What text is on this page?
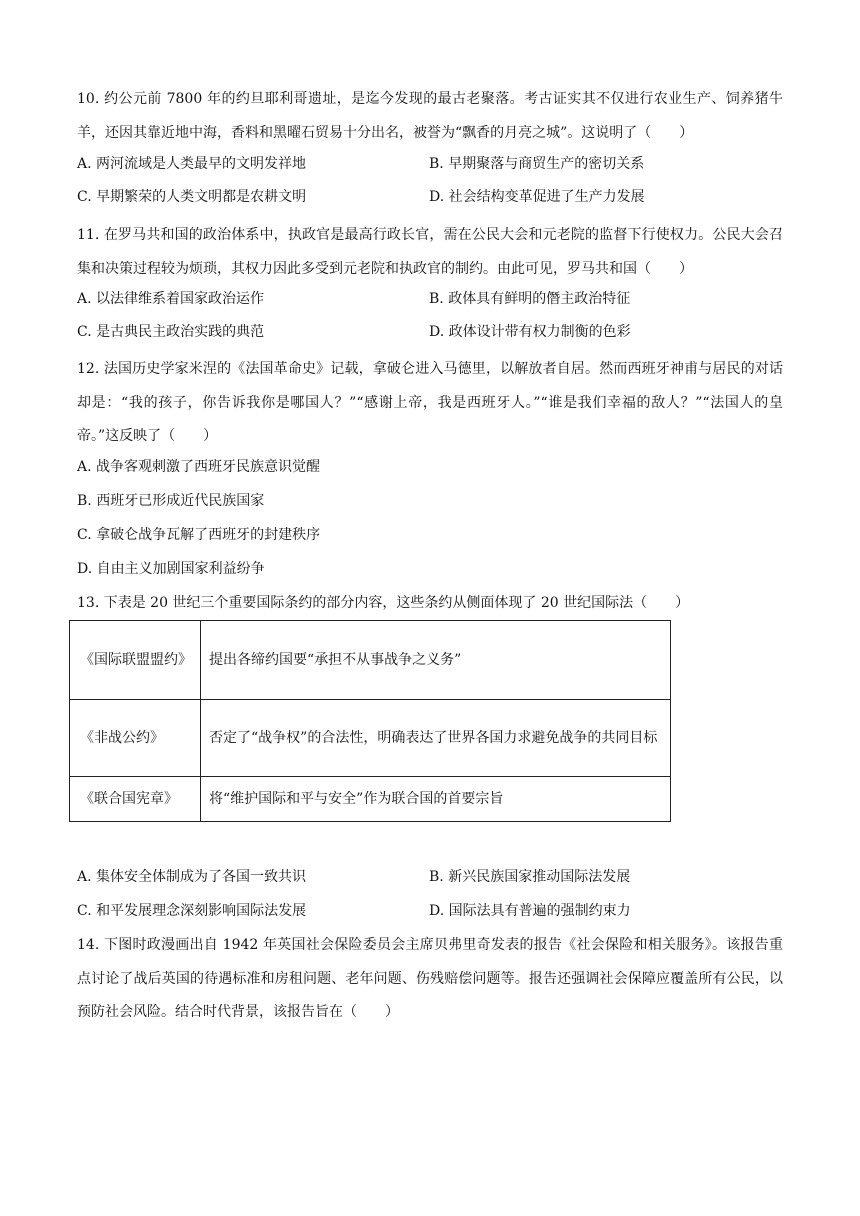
10. 约公元前 7800 年的约旦耶利哥遗址，是迄今发现的最古老聚落。考古证实其不仅进行农业生产、饲养猪牛羊，还因其靠近地中海，香料和黑曜石贸易十分出名，被誉为“飘香的月亮之城”。这说明了（　　）
A. 两河流域是人类最早的文明发祥地	B. 早期聚落与商贸生产的密切关系
C. 早期繁荣的人类文明都是农耕文明	D. 社会结构变革促进了生产力发展
11. 在罗马共和国的政治体系中，执政官是最高行政长官，需在公民大会和元老院的监督下行使权力。公民大会召集和决策过程较为烦琐，其权力因此多受到元老院和执政官的制约。由此可见，罗马共和国（　　）
A. 以法律维系着国家政治运作	B. 政体具有鲜明的僭主政治特征
C. 是古典民主政治实践的典范	D. 政体设计带有权力制衡的色彩
12. 法国历史学家米涅的《法国革命史》记载，拿破仑进入马德里，以解放者自居。然而西班牙神甫与居民的对话却是：“我的孩子，你告诉我你是哪国人？”“感谢上帝，我是西班牙人。”“谁是我们幸福的敌人？”“法国人的皇帝。”这反映了（　　）
A. 战争客观刺激了西班牙民族意识觉醒
B. 西班牙已形成近代民族国家
C. 拿破仑战争瓦解了西班牙的封建秩序
D. 自由主义加剧国家利益纷争
13. 下表是 20 世纪三个重要国际条约的部分内容，这些条约从侧面体现了 20 世纪国际法（　　）
《国际联盟盟约》	提出各缔约国要“承担不从事战争之义务”
《非战公约》	否定了“战争权”的合法性，明确表达了世界各国力求避免战争的共同目标
《联合国宪章》	将“维护国际和平与安全”作为联合国的首要宗旨
A. 集体安全体制成为了各国一致共识	B. 新兴民族国家推动国际法发展
C. 和平发展理念深刻影响国际法发展	D. 国际法具有普遍的强制约束力
14. 下图时政漫画出自 1942 年英国社会保险委员会主席贝弗里奇发表的报告《社会保险和相关服务》。该报告重点讨论了战后英国的待遇标准和房租问题、老年问题、伤残赔偿问题等。报告还强调社会保障应覆盖所有公民，以预防社会风险。结合时代背景，该报告旨在（　　）
